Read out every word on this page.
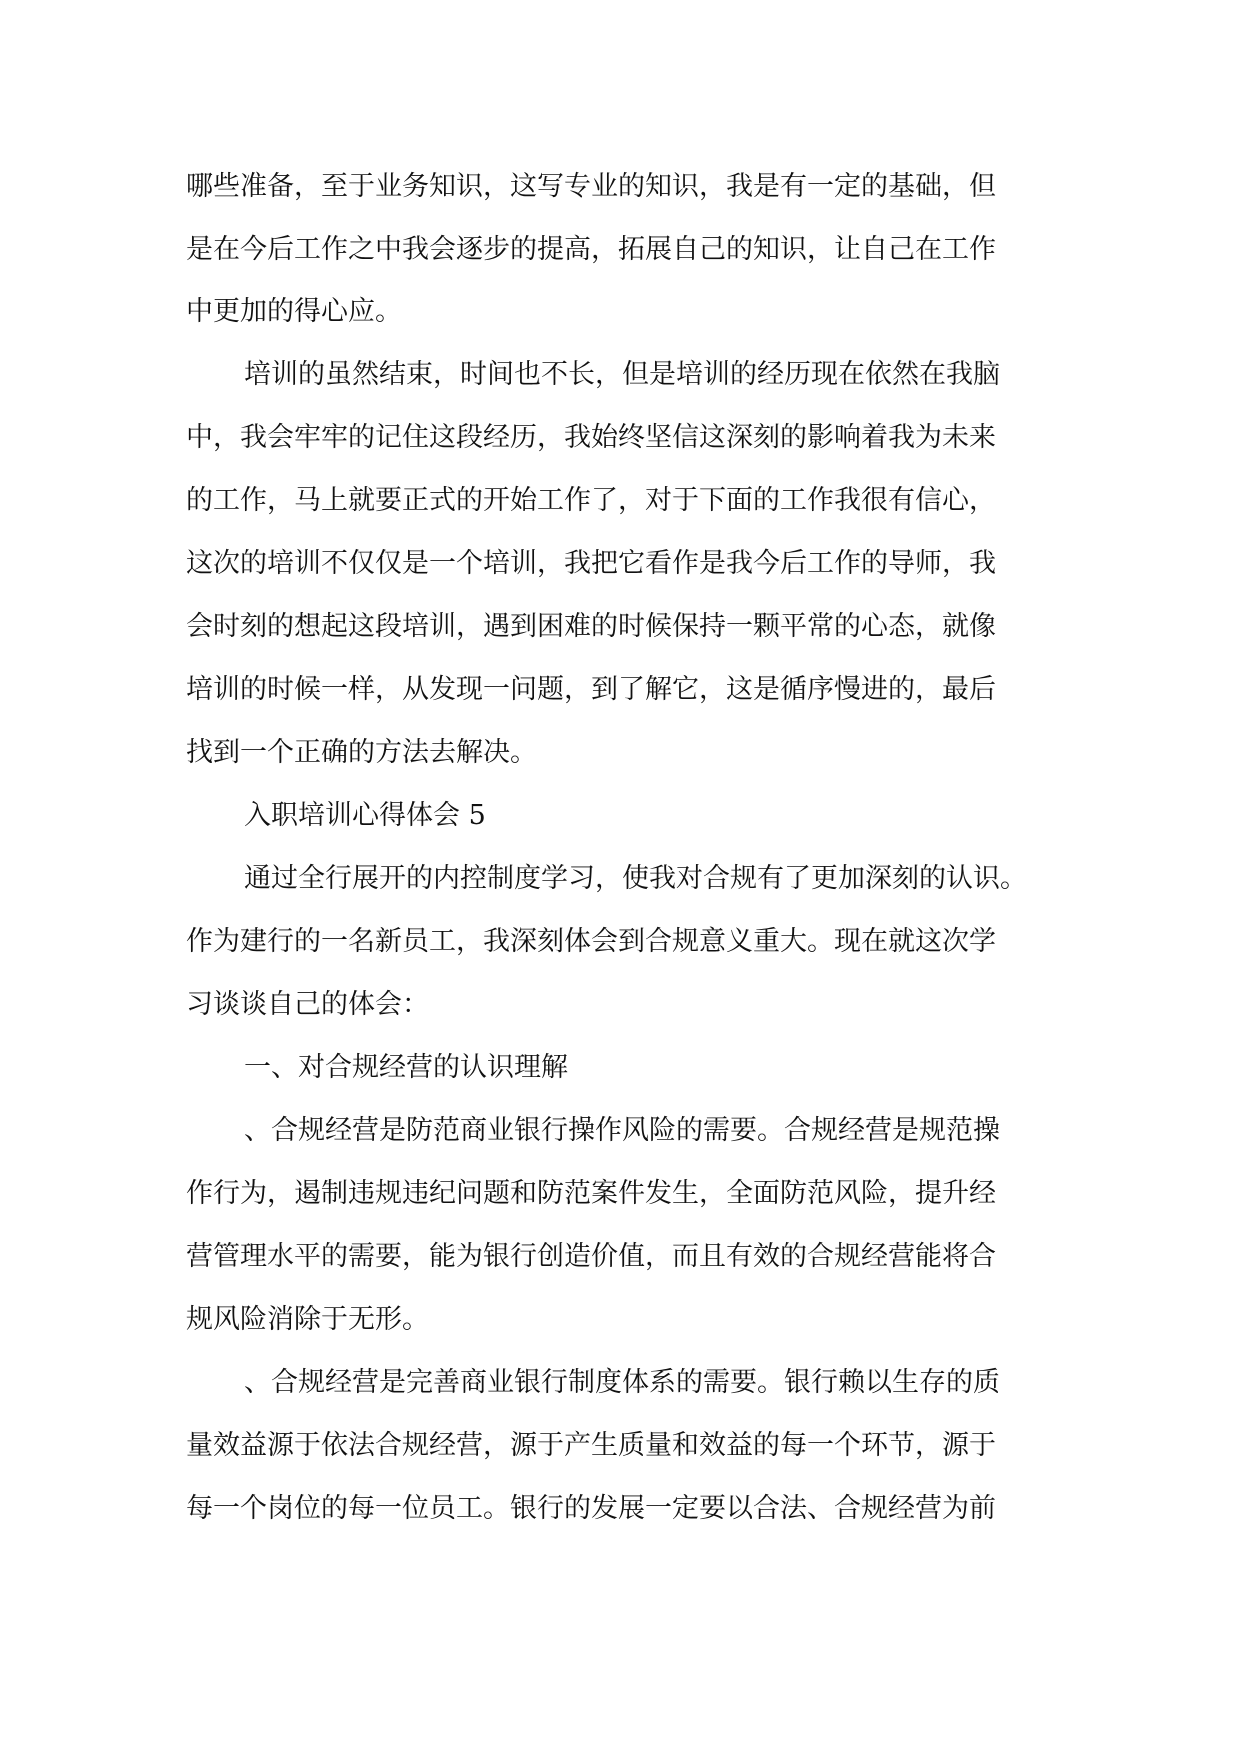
哪些准备，至于业务知识，这写专业的知识，我是有一定的基础，但
是在今后工作之中我会逐步的提高，拓展自己的知识，让自己在工作
中更加的得心应。
培训的虽然结束，时间也不长，但是培训的经历现在依然在我脑
中，我会牢牢的记住这段经历，我始终坚信这深刻的影响着我为未来
的工作，马上就要正式的开始工作了，对于下面的工作我很有信心，
这次的培训不仅仅是一个培训，我把它看作是我今后工作的导师，我
会时刻的想起这段培训，遇到困难的时候保持一颗平常的心态，就像
培训的时候一样，从发现一问题，到了解它，这是循序慢进的，最后
找到一个正确的方法去解决。
入职培训心得体会 5
通过全行展开的内控制度学习，使我对合规有了更加深刻的认识。
作为建行的一名新员工，我深刻体会到合规意义重大。现在就这次学
习谈谈自己的体会：
一、对合规经营的认识理解
、合规经营是防范商业银行操作风险的需要。合规经营是规范操
作行为，遏制违规违纪问题和防范案件发生，全面防范风险，提升经
营管理水平的需要，能为银行创造价值，而且有效的合规经营能将合
规风险消除于无形。
、合规经营是完善商业银行制度体系的需要。银行赖以生存的质
量效益源于依法合规经营，源于产生质量和效益的每一个环节，源于
每一个岗位的每一位员工。银行的发展一定要以合法、合规经营为前
